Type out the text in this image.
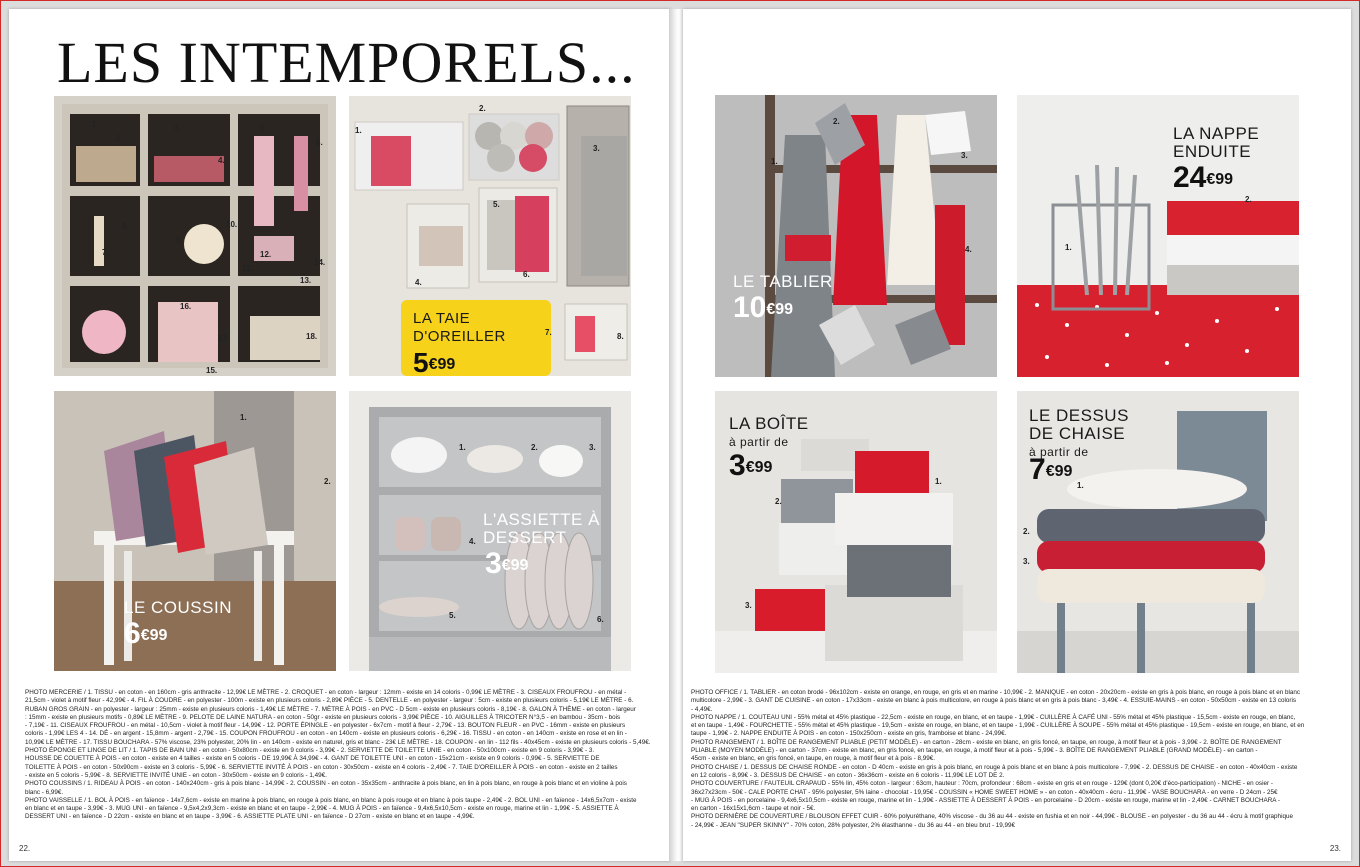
LES INTEMPORELS...
1.
2.
3.
4.
5.
6.
7.
8.
9.
10.
11.
12.
13.
14.
15.
16.
17.	18.
LA TAIE
D'OREILLER
$5^{€99}$
1.
2.
3.
4.
5.
6.
7.	8.
LE COUSSIN
$6^{€99}$
1.
2.
L'ASSIETTE À
DESSERT
$3^{€99}$
1.	2.	3.
4.
5.	6.

PHOTO MERCERIE / 1. TISSU - en coton - en 160cm - gris anthracite - 12,99€ LE MÈTRE - 2. CROQUET - en coton - largeur : 12mm - existe en 14 coloris - 0,99€ LE MÈTRE - 3. CISEAUX FROUFROU - en métal -

21,5cm - violet à motif fleur - 42,99€ - 4. FIL À COUDRE - en polyester - 100m - existe en plusieurs coloris - 2,89€ PIÈCE - 5. DENTELLE - en polyester - largeur : 5cm - existe en plusieurs coloris - 5,19€ LE MÈTRE - 6.

RUBAN GROS GRAIN - en polyester - largeur : 25mm - existe en plusieurs coloris - 1,49€ LE MÈTRE - 7. MÈTRE À POIS - en PVC - D 5cm - existe en plusieurs coloris - 8,19€ - 8. GALON À THÈME - en coton - largeur

: 15mm - existe en plusieurs motifs - 0,89€ LE MÈTRE - 9. PELOTE DE LAINE NATURA - en coton - 50gr - existe en plusieurs coloris - 3,99€ PIÈCE - 10. AIGUILLES À TRICOTER N°3,5 - en bambou - 35cm - bois

- 7,19€ - 11. CISEAUX FROUFROU - en métal - 10,5cm - violet à motif fleur - 14,99€ - 12. PORTE ÉPINGLE - en polyester - 6x7cm - motif à fleur - 2,79€ - 13. BOUTON FLEUR - en PVC - 16mm - existe en plusieurs

coloris - 1,99€ LES 4 - 14. DÉ - en argent - 15,8mm - argent - 2,79€ - 15. COUPON FROUFROU - en coton - en 140cm - existe en plusieurs coloris - 6,29€ - 16. TISSU - en coton - en 140cm - existe en rose et en lin -

10,99€ LE MÈTRE - 17. TISSU BOUCHARA - 57% viscose, 23% polyester, 20% lin - en 140cm - existe en naturel, gris et blanc - 23€ LE MÈTRE - 18. COUPON - en lin - 112 fils - 40x45cm - existe en plusieurs coloris - 5,49€.

PHOTO ÉPONGE ET LINGE DE LIT / 1. TAPIS DE BAIN UNI - en coton - 50x80cm - existe en 9 coloris - 3,99€ - 2. SERVIETTE DE TOILETTE UNIE - en coton - 50x100cm - existe en 9 coloris - 3,99€ - 3.

HOUSSE DE COUETTE À POIS - en coton - existe en 4 tailles - existe en 5 coloris - DE 19,99€ À 34,99€ - 4. GANT DE TOILETTE UNI - en coton - 15x21cm - existe en 9 coloris - 0,99€ - 5. SERVIETTE DE

TOILETTE À POIS - en coton - 50x90cm - existe en 3 coloris - 5,99€ - 6. SERVIETTE INVITÉ À POIS - en coton - 30x50cm - existe en 4 coloris - 2,49€ - 7. TAIE D'OREILLER À POIS - en coton - existe en 2 tailles

- existe en 5 coloris - 5,99€ - 8. SERVIETTE INVITÉ UNIE - en coton - 30x50cm - existe en 9 coloris - 1,49€.

PHOTO COUSSINS / 1. RIDEAU À POIS - en coton - 140x240cm - gris à pois blanc - 14,99€ - 2. COUSSIN - en coton - 35x35cm - anthracite à pois blanc, en lin à pois blanc, en rouge à pois blanc et en violine à pois

blanc - 6,99€.

PHOTO VAISSELLE / 1. BOL À POIS - en faïence - 14x7,6cm - existe en marine à pois blanc, en rouge à pois blanc, en blanc à pois rouge et en blanc à pois taupe - 2,49€ - 2. BOL UNI - en faïence - 14x6,5x7cm - existe

en blanc et en taupe - 3,99€ - 3. MUG UNI - en faïence - 9,5x4,2x9,3cm - existe en blanc et en taupe - 2,99€ - 4. MUG À POIS - en faïence - 9,4x6,5x10,5cm - existe en rouge, marine et lin - 1,99€ - 5. ASSIETTE À

DESSERT UNI - en faïence - D 22cm - existe en blanc et en taupe - 3,99€ - 6. ASSIETTE PLATE UNI - en faïence - D 27cm - existe en blanc et en taupe - 4,99€.

22.
LE TABLIER
$10^{€99}$
1.
2.
3.
4.
LA NAPPE
ENDUITE
$24^{€99}$
1.
2.
LA BOÎTE
à partir de
$3^{€99}$
1.
2.
3.
LE DESSUS
DE CHAISE
à partir de
$7^{€99}$
1.
2.
3.

PHOTO OFFICE / 1. TABLIER - en coton brodé - 96x102cm - existe en orange, en rouge, en gris et en marine - 10,99€ - 2. MANIQUE - en coton - 20x20cm - existe en gris à pois blanc, en rouge à pois blanc et en blanc

multicolore - 2,99€ - 3. GANT DE CUISINE - en coton - 17x33cm - existe en blanc à pois multicolore, en rouge à pois blanc et en gris à pois blanc - 3,49€ - 4. ESSUIE-MAINS - en coton - 50x50cm - existe en 13 coloris

- 4,49€.

PHOTO NAPPE / 1. COUTEAU UNI - 55% métal et 45% plastique - 22,5cm - existe en rouge, en blanc, et en taupe - 1,99€ - CUILLÈRE À CAFÉ UNI - 55% métal et 45% plastique - 15,5cm - existe en rouge, en blanc,

et en taupe - 1,49€ - FOURCHETTE - 55% métal et 45% plastique - 19,5cm - existe en rouge, en blanc, et en taupe - 1,99€ - CUILLÈRE À SOUPE - 55% métal et 45% plastique - 19,5cm - existe en rouge, en blanc, et en

taupe - 1,99€ - 2. NAPPE ENDUITE À POIS - en coton - 150x250cm - existe en gris, framboise et blanc - 24,99€.

PHOTO RANGEMENT / 1. BOÎTE DE RANGEMENT PLIABLE (PETIT MODÈLE) - en carton - 28cm - existe en blanc, en gris foncé, en taupe, en rouge, à motif fleur et à pois - 3,99€ - 2. BOÎTE DE RANGEMENT

PLIABLE (MOYEN MODÈLE) - en carton - 37cm - existe en blanc, en gris foncé, en taupe, en rouge, à motif fleur et à pois - 5,99€ - 3. BOÎTE DE RANGEMENT PLIABLE (GRAND MODÈLE) - en carton -

45cm - existe en blanc, en gris foncé, en taupe, en rouge, à motif fleur et à pois - 8,99€.

PHOTO CHAISE / 1. DESSUS DE CHAISE RONDE - en coton - D 40cm - existe en gris à pois blanc, en rouge à pois blanc et en blanc à pois multicolore - 7,99€ - 2. DESSUS DE CHAISE - en coton - 40x40cm - existe

en 12 coloris - 8,99€ - 3. DESSUS DE CHAISE - en coton - 36x36cm - existe en 6 coloris - 11,99€ LE LOT DE 2.

PHOTO COUVERTURE / FAUTEUIL CRAPAUD - 55% lin, 45% coton - largeur : 63cm, hauteur : 70cm, profondeur : 68cm - existe en gris et en rouge - 129€ (dont 0,20€ d'éco-participation) - NICHE - en osier -

36x27x23cm - 50€ - CALE PORTE CHAT - 95% polyester, 5% laine - chocolat - 19,95€ - COUSSIN « HOME SWEET HOME » - en coton - 40x40cm - écru - 11,99€ - VASE BOUCHARA - en verre - D 24cm - 25€

- MUG À POIS - en porcelaine - 9,4x6,5x10,5cm - existe en rouge, marine et lin - 1,99€ - ASSIETTE À DESSERT À POIS - en porcelaine - D 20cm - existe en rouge, marine et lin - 2,49€ - CARNET BOUCHARA -

en carton - 16x15x1,6cm - taupe et noir - 5€.

PHOTO DERNIÈRE DE COUVERTURE / BLOUSON EFFET CUIR - 60% polyuréthane, 40% viscose - du 36 au 44 - existe en fushia et en noir - 44,99€ - BLOUSE - en polyester - du 36 au 44 - écru à motif graphique

- 24,99€ - JEAN "SUPER SKINNY" - 70% coton, 28% polyester, 2% élasthanne - du 36 au 44 - en bleu brut - 19,99€

23.
